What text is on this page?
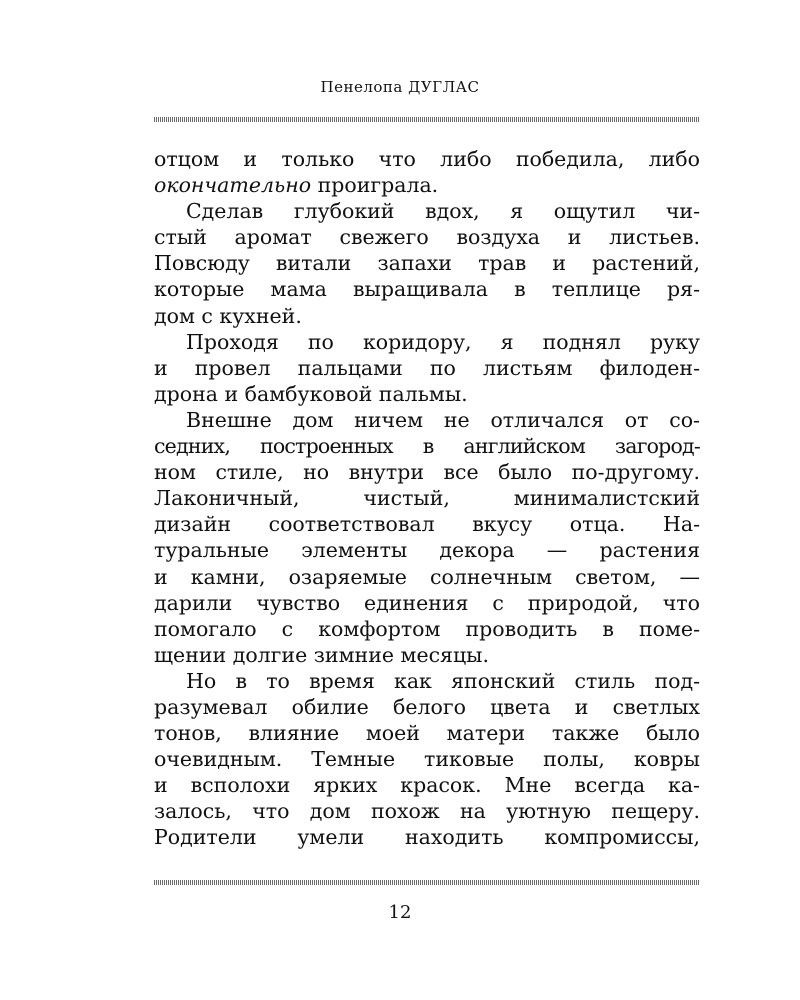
Пенелопа ДУГЛАС
отцом и только что либо победила, либо
окончательно проиграла.
Сделав глубокий вдох, я ощутил чи-
стый аромат свежего воздуха и листьев.
Повсюду витали запахи трав и растений,
которые мама выращивала в теплице ря-
дом с кухней.
Проходя по коридору, я поднял руку
и провел пальцами по листьям филоден-
дрона и бамбуковой пальмы.
Внешне дом ничем не отличался от со-
седних, построенных в английском загород-
ном стиле, но внутри все было по-другому.
Лаконичный, чистый, минималистский
дизайн соответствовал вкусу отца. На-
туральные элементы декора — растения
и камни, озаряемые солнечным светом, —
дарили чувство единения с природой, что
помогало с комфортом проводить в поме-
щении долгие зимние месяцы.
Но в то время как японский стиль под-
разумевал обилие белого цвета и светлых
тонов, влияние моей матери также было
очевидным. Темные тиковые полы, ковры
и всполохи ярких красок. Мне всегда ка-
залось, что дом похож на уютную пещеру.
Родители умели находить компромиссы,
12
